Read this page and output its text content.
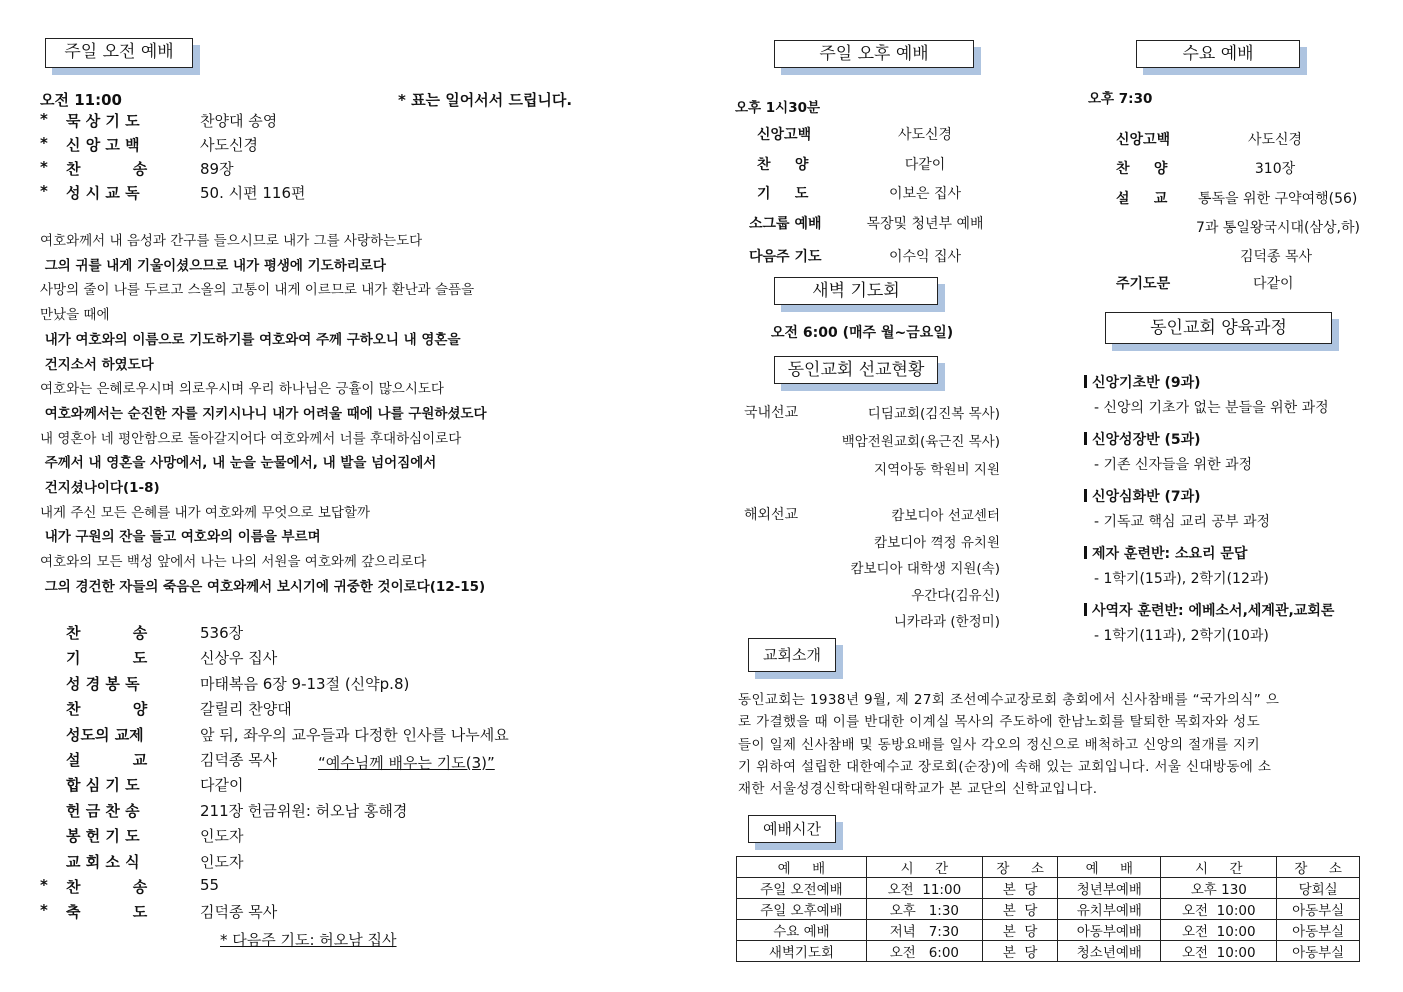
주일 오전 예배
오전 11:00	* 표는 일어서서 드립니다.
* 묵 상 기 도	찬양대 송영
* 신 앙 고 백	사도신경
* 찬          송	89장
* 성 시 교 독	50. 시편 116편
여호와께서 내 음성과 간구를 들으시므로 내가 그를 사랑하는도다
그의 귀를 내게 기울이셨으므로 내가 평생에 기도하리로다
사망의 줄이 나를 두르고 스올의 고통이 내게 이르므로 내가 환난과 슬픔을
만났을 때에
내가 여호와의 이름으로 기도하기를 여호와여 주께 구하오니 내 영혼을
건지소서 하였도다
여호와는 은혜로우시며 의로우시며 우리 하나님은 긍휼이 많으시도다
여호와께서는 순진한 자를 지키시나니 내가 어려울 때에 나를 구원하셨도다
내 영혼아 네 평안함으로 돌아갈지어다 여호와께서 너를 후대하심이로다
주께서 내 영혼을 사망에서, 내 눈을 눈물에서, 내 발을 넘어짐에서
건지셨나이다(1-8)
내게 주신 모든 은혜를 내가 여호와께 무엇으로 보답할까
내가 구원의 잔을 들고 여호와의 이름을 부르며
여호와의 모든 백성 앞에서 나는 나의 서원을 여호와께 갚으리로다
그의 경건한 자들의 죽음은 여호와께서 보시기에 귀중한 것이로다(12-15)
찬          송	536장
기          도	신상우 집사
성 경 봉 독	마태복음 6장 9-13절 (신약p.8)
찬          양	갈릴리 찬양대
성도의 교제	앞 뒤, 좌우의 교우들과 다정한 인사를 나누세요
설          교	김덕종 목사
합 심 기 도	다같이
헌 금 찬 송	211장 헌금위원: 허오남 홍해경
봉 헌 기 도	인도자
교 회 소 식	인도자
* 찬          송	55
* 축          도	김덕종 목사
“예수님께 배우는 기도(3)”
* 다음주 기도: 허오남 집사
주일 오후 예배
오후 1시30분
신앙고백	사도신경
찬     양	다같이
기     도	이보은 집사
소그룹 예배	목장및 청년부 예배
다음주 기도	이수익 집사
새벽 기도회
오전 6:00 (매주 월~금요일)
동인교회 선교현황
국내선교	디딤교회(김진복 목사)
백암전원교회(육근진 목사)
지역아동 학원비 지원
해외선교	캄보디아 선교센터
캄보디아 껵정 유치원
캄보디아 대학생 지원(속)
우간다(김유신)
니카라과 (한정미)
교회소개
동인교회는 1938년 9월, 제 27회 조선예수교장로회 총회에서 신사참배를 “국가의식” 으
로 가결했을 때 이를 반대한 이계실 목사의 주도하에 한남노회를 탈퇴한 목회자와 성도
들이 일제 신사참배 및 동방요배를 일사 각오의 정신으로 배척하고 신앙의 절개를 지키
기 위하여 설립한 대한예수교 장로회(순장)에 속해 있는 교회입니다. 서울 신대방동에 소
재한 서울성경신학대학원대학교가 본 교단의 신학교입니다.
예배시간
예     배	시     간	장     소	예     배	시     간	장     소
주일 오전예배	오전  11:00	본  당	청년부예배	오후 130	당회실
주일 오후예배	오후   1:30	본  당	유치부예배	오전  10:00	아동부실
수요 예배	저녁   7:30	본  당	아동부예배	오전  10:00	아동부실
새벽기도회	오전   6:00	본  당	청소년예배	오전  10:00	아동부실
수요 예배
오후 7:30
신앙고백	사도신경
찬     양	310장
설     교 통독을 위한 구약여행(56)
7과 통일왕국시대(삼상,하)
김덕종 목사
주기도문	다같이
동인교회 양육과정
신앙기초반 (9과)
- 신앙의 기초가 없는 분들을 위한 과정
신앙성장반 (5과)
- 기존 신자들을 위한 과정
신앙심화반 (7과)
- 기독교 핵심 교리 공부 과정
제자 훈련반: 소요리 문답
- 1학기(15과), 2학기(12과)
사역자 훈련반: 에베소서,세계관,교회론
- 1학기(11과), 2학기(10과)
